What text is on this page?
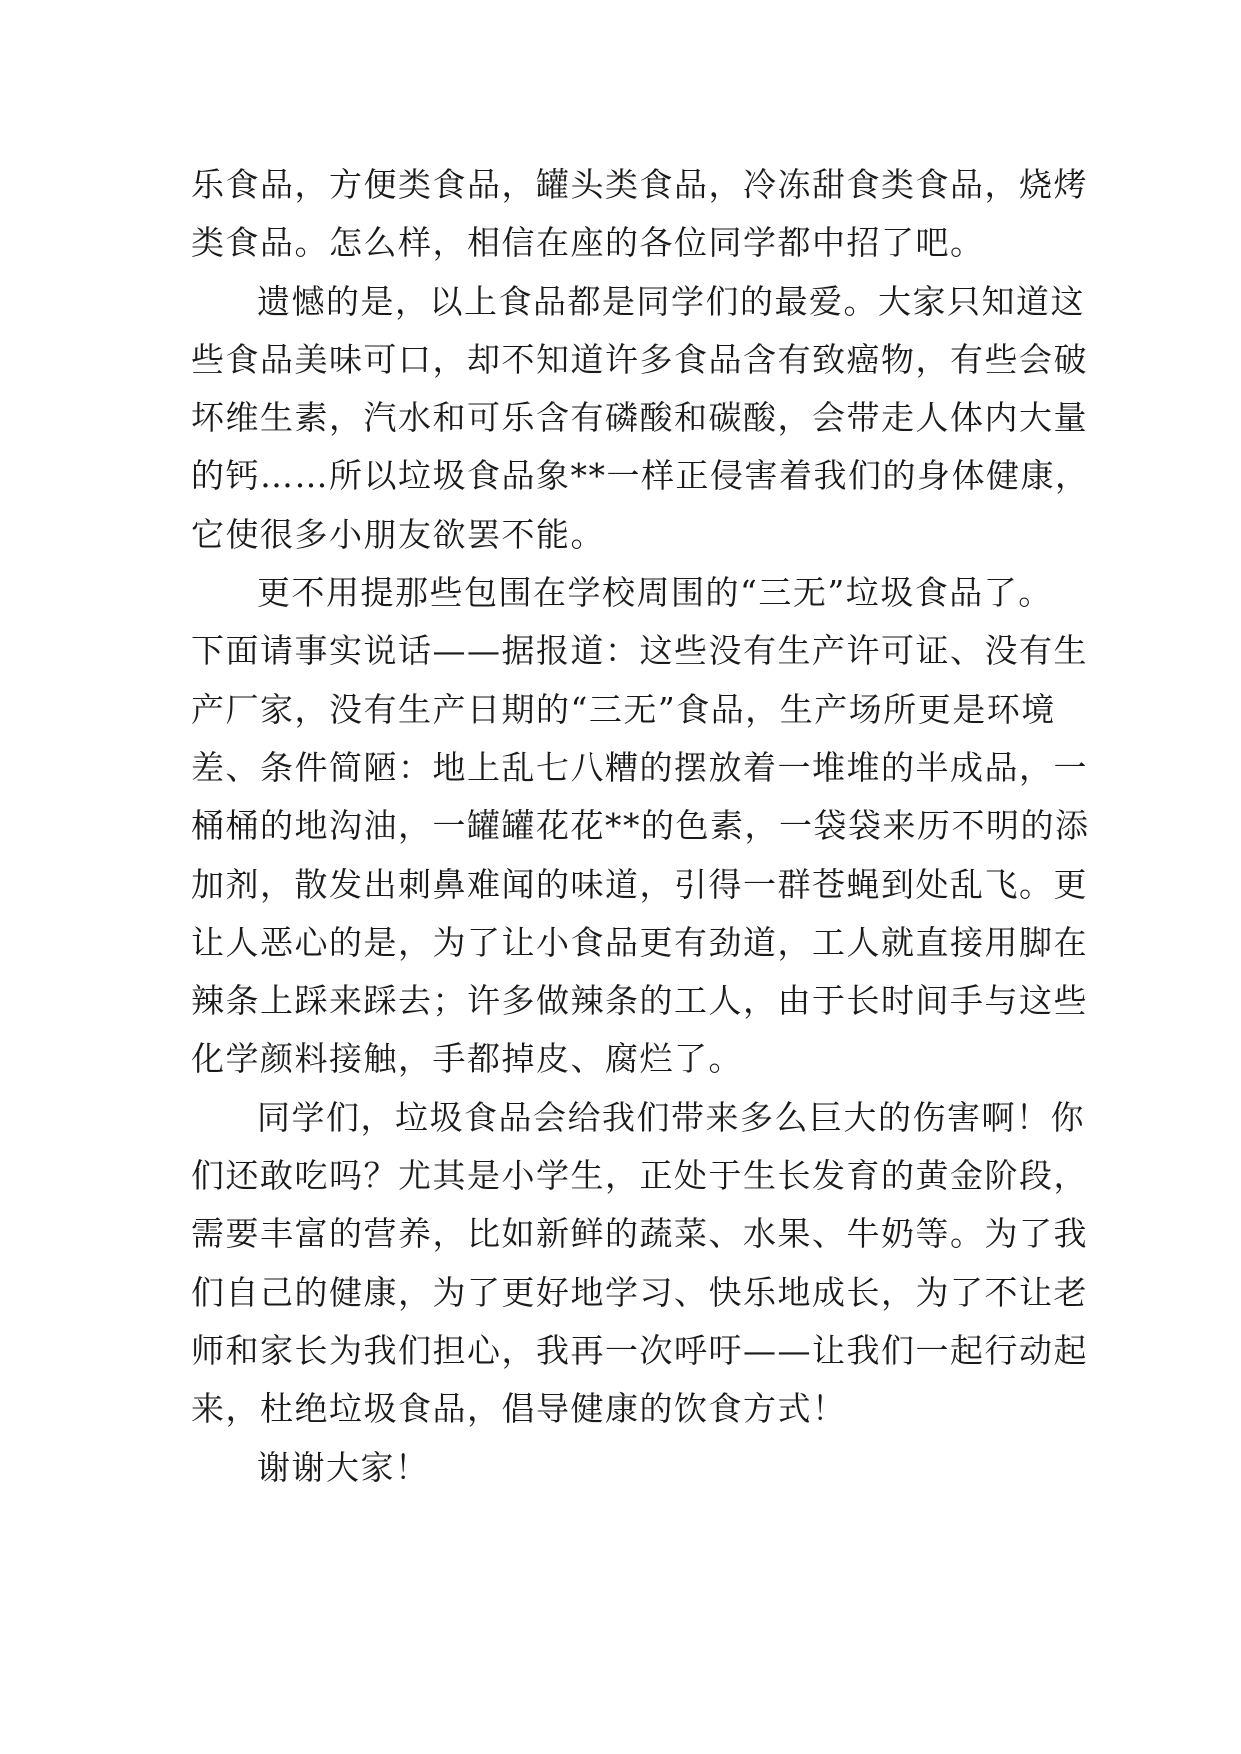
乐食品，方便类食品，罐头类食品，冷冻甜食类食品，烧烤
类食品。怎么样，相信在座的各位同学都中招了吧。
遗憾的是，以上食品都是同学们的最爱。大家只知道这
些食品美味可口，却不知道许多食品含有致癌物，有些会破
坏维生素，汽水和可乐含有磷酸和碳酸，会带走人体内大量
的钙……所以垃圾食品象**一样正侵害着我们的身体健康，
它使很多小朋友欲罢不能。
更不用提那些包围在学校周围的“三无”垃圾食品了。
下面请事实说话——据报道：这些没有生产许可证、没有生
产厂家，没有生产日期的“三无”食品，生产场所更是环境
差、条件简陋：地上乱七八糟的摆放着一堆堆的半成品，一
桶桶的地沟油，一罐罐花花**的色素，一袋袋来历不明的添
加剂，散发出刺鼻难闻的味道，引得一群苍蝇到处乱飞。更
让人恶心的是，为了让小食品更有劲道，工人就直接用脚在
辣条上踩来踩去；许多做辣条的工人，由于长时间手与这些
化学颜料接触，手都掉皮、腐烂了。
同学们，垃圾食品会给我们带来多么巨大的伤害啊！你
们还敢吃吗？尤其是小学生，正处于生长发育的黄金阶段，
需要丰富的营养，比如新鲜的蔬菜、水果、牛奶等。为了我
们自己的健康，为了更好地学习、快乐地成长，为了不让老
师和家长为我们担心，我再一次呼吁——让我们一起行动起
来，杜绝垃圾食品，倡导健康的饮食方式！
谢谢大家！
